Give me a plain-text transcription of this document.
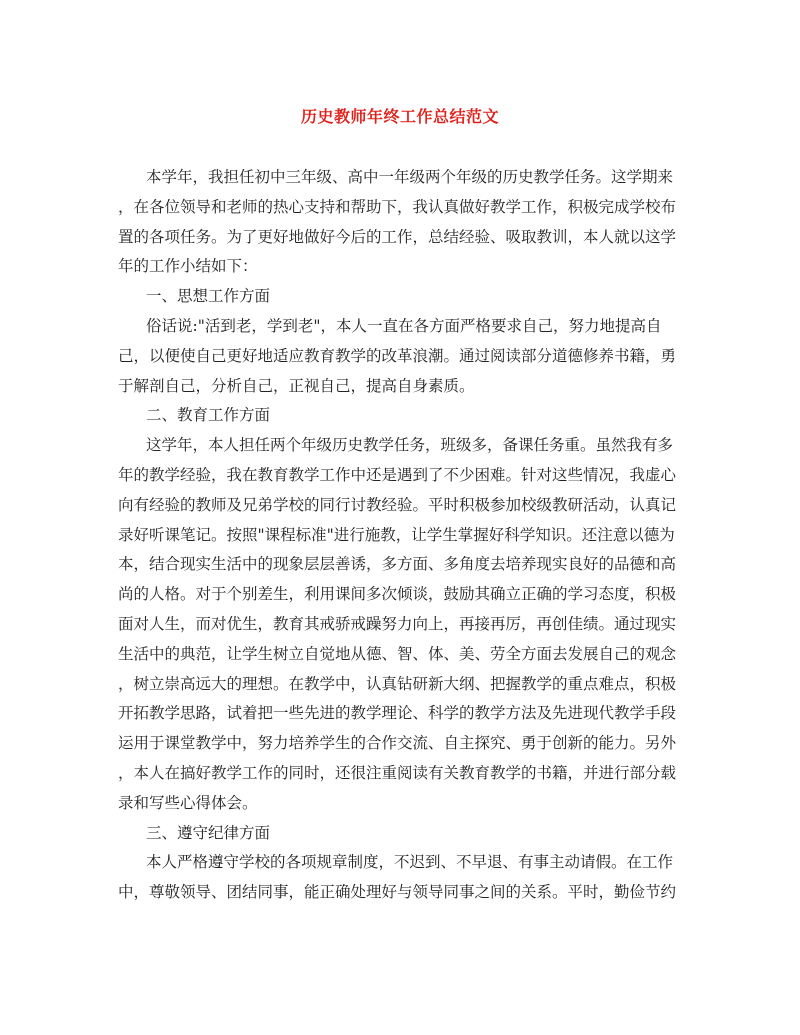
历史教师年终工作总结范文
本学年，我担任初中三年级、高中一年级两个年级的历史教学任务。这学期来
，在各位领导和老师的热心支持和帮助下，我认真做好教学工作，积极完成学校布
置的各项任务。为了更好地做好今后的工作，总结经验、吸取教训，本人就以这学
年的工作小结如下：
一、思想工作方面
俗话说:"活到老，学到老"，本人一直在各方面严格要求自己，努力地提高自
己，以便使自己更好地适应教育教学的改革浪潮。通过阅读部分道德修养书籍，勇
于解剖自己，分析自己，正视自己，提高自身素质。
二、教育工作方面
这学年，本人担任两个年级历史教学任务，班级多，备课任务重。虽然我有多
年的教学经验，我在教育教学工作中还是遇到了不少困难。针对这些情况，我虚心
向有经验的教师及兄弟学校的同行讨教经验。平时积极参加校级教研活动，认真记
录好听课笔记。按照"课程标准"进行施教，让学生掌握好科学知识。还注意以德为
本，结合现实生活中的现象层层善诱，多方面、多角度去培养现实良好的品德和高
尚的人格。对于个别差生，利用课间多次倾谈，鼓励其确立正确的学习态度，积极
面对人生，而对优生，教育其戒骄戒躁努力向上，再接再厉，再创佳绩。通过现实
生活中的典范，让学生树立自觉地从德、智、体、美、劳全方面去发展自己的观念
，树立崇高远大的理想。在教学中，认真钻研新大纲、把握教学的重点难点，积极
开拓教学思路，试着把一些先进的教学理论、科学的教学方法及先进现代教学手段
运用于课堂教学中，努力培养学生的合作交流、自主探究、勇于创新的能力。另外
，本人在搞好教学工作的同时，还很注重阅读有关教育教学的书籍，并进行部分载
录和写些心得体会。
三、遵守纪律方面
本人严格遵守学校的各项规章制度，不迟到、不早退、有事主动请假。在工作
中，尊敬领导、团结同事，能正确处理好与领导同事之间的关系。平时，勤俭节约
